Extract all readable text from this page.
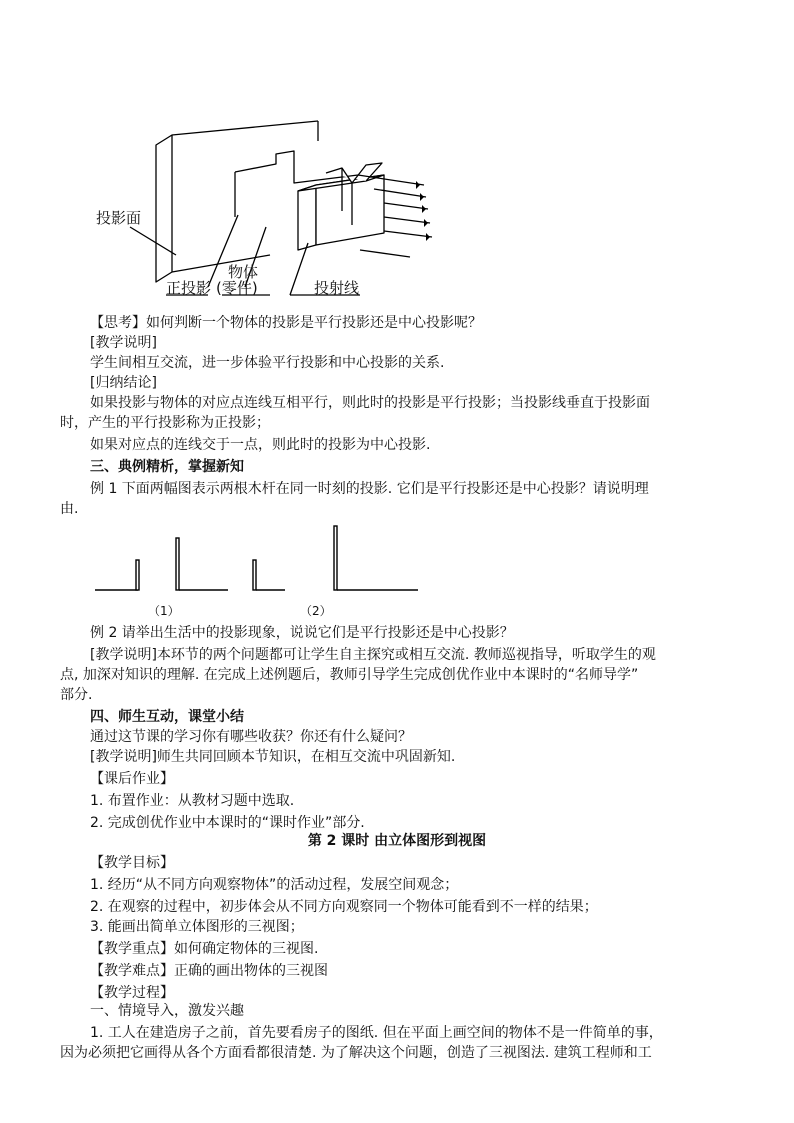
投影面
物体
正投影 (零件)	投射线
【思考】如何判断一个物体的投影是平行投影还是中心投影呢？
[教学说明]
学生间相互交流，进一步体验平行投影和中心投影的关系.
[归纳结论]
如果投影与物体的对应点连线互相平行，则此时的投影是平行投影；当投影线垂直于投影面
时，产生的平行投影称为正投影；
如果对应点的连线交于一点，则此时的投影为中心投影.
三、典例精析，掌握新知
例 1 下面两幅图表示两根木杆在同一时刻的投影. 它们是平行投影还是中心投影？请说明理
由.
（1）	（2）
例 2 请举出生活中的投影现象，说说它们是平行投影还是中心投影？
[教学说明]本环节的两个问题都可让学生自主探究或相互交流. 教师巡视指导，听取学生的观
点, 加深对知识的理解. 在完成上述例题后，教师引导学生完成创优作业中本课时的“名师导学”
部分.
四、师生互动，课堂小结
通过这节课的学习你有哪些收获？你还有什么疑问？
[教学说明]师生共同回顾本节知识，在相互交流中巩固新知.
【课后作业】
1. 布置作业：从教材习题中选取.
2. 完成创优作业中本课时的“课时作业”部分.
第 2 课时 由立体图形到视图
【教学目标】
1. 经历“从不同方向观察物体”的活动过程，发展空间观念；
2. 在观察的过程中，初步体会从不同方向观察同一个物体可能看到不一样的结果；
3. 能画出简单立体图形的三视图；
【教学重点】如何确定物体的三视图.
【教学难点】正确的画出物体的三视图
【教学过程】
一、情境导入，激发兴趣
1. 工人在建造房子之前，首先要看房子的图纸. 但在平面上画空间的物体不是一件简单的事，
因为必须把它画得从各个方面看都很清楚. 为了解决这个问题，创造了三视图法. 建筑工程师和工
